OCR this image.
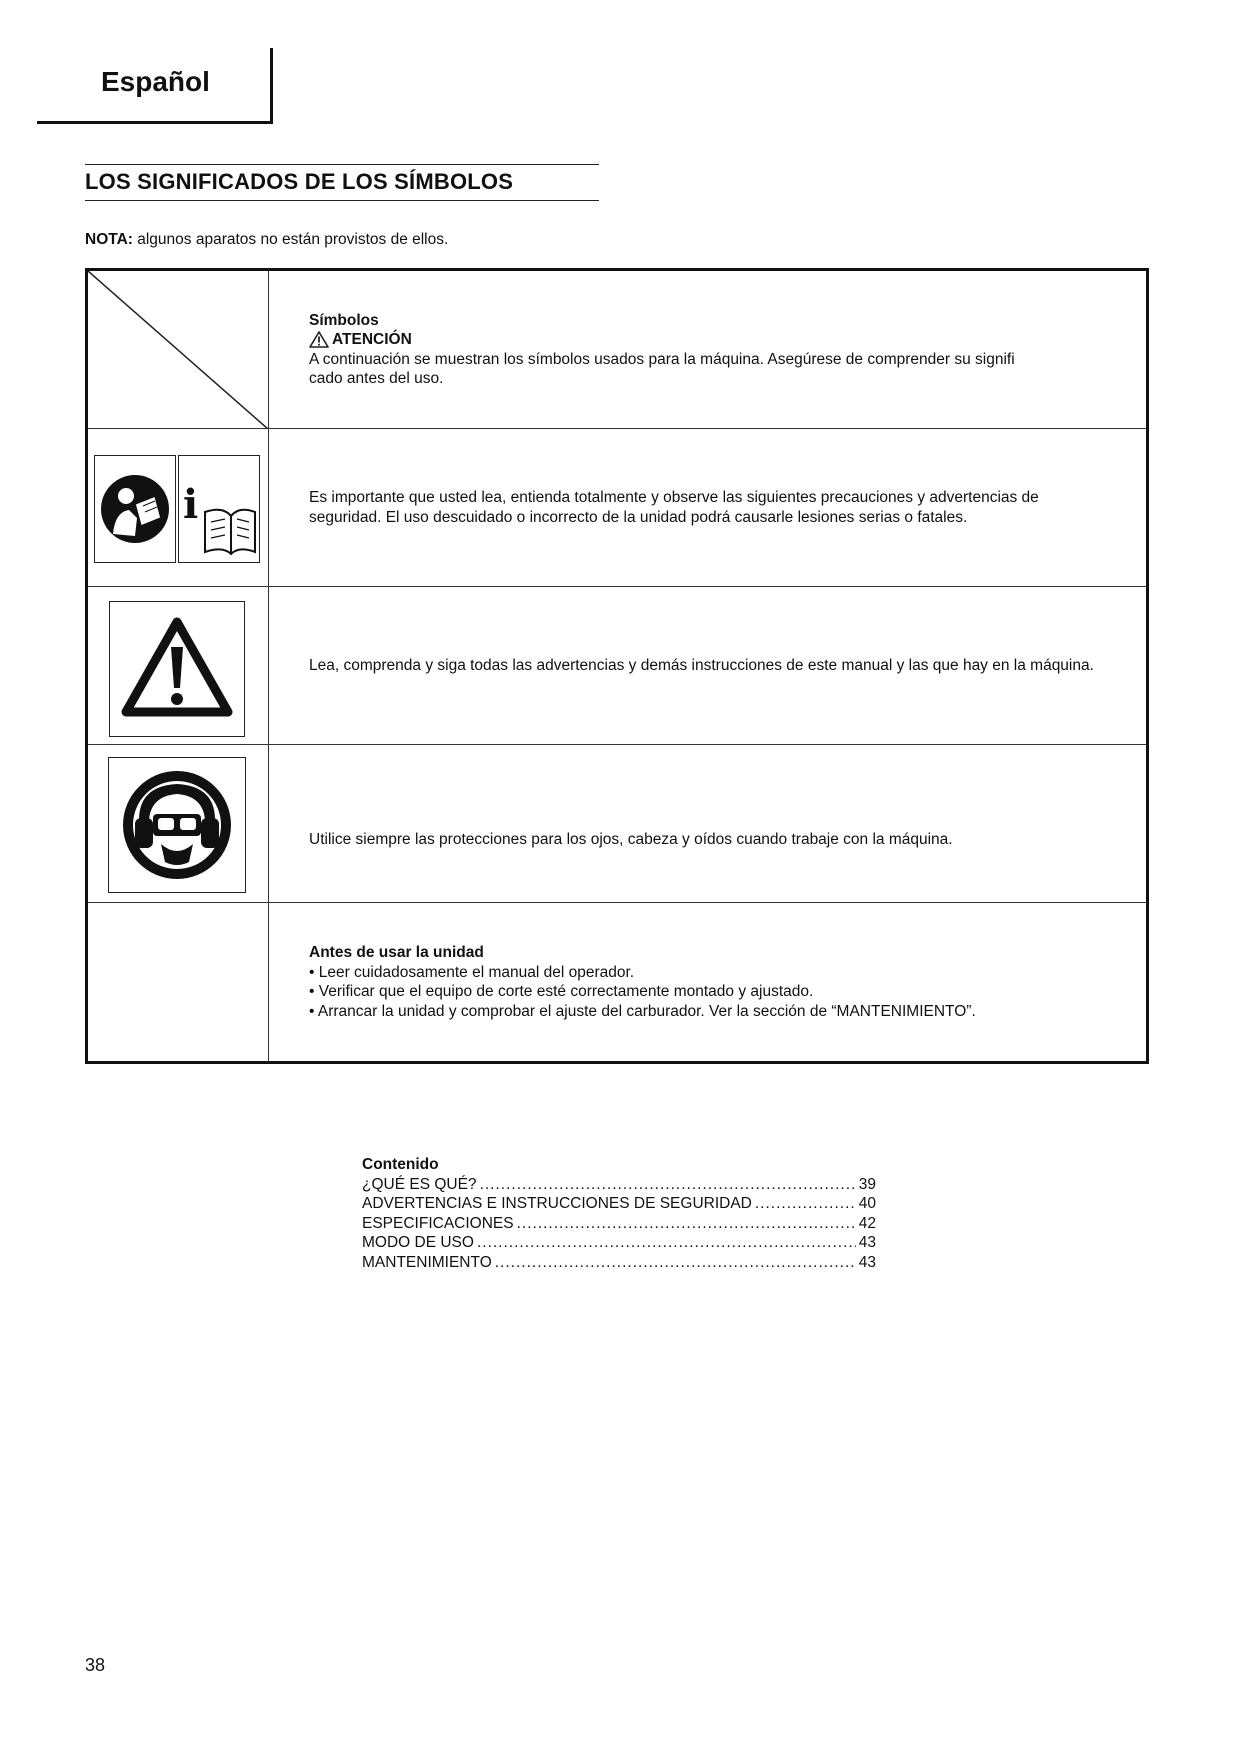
Español
LOS SIGNIFICADOS DE LOS SÍMBOLOS
NOTA: algunos aparatos no están provistos de ellos.
Símbolos
ATENCIÓN
A continuación se muestran los símbolos usados para la máquina. Asegúrese de comprender su signifi cado antes del uso.
i	Es importante que usted lea, entienda totalmente y observe las siguientes precauciones y advertencias de seguridad. El uso descuidado o incorrecto de la unidad podrá causarle lesiones serias o fatales.
Lea, comprenda y siga todas las advertencias y demás instrucciones de este manual y las que hay en la máquina.
Utilice siempre las protecciones para los ojos, cabeza y oídos cuando trabaje con la máquina.
Antes de usar la unidad
• Leer cuidadosamente el manual del operador.
• Verificar que el equipo de corte esté correctamente montado y ajustado.
• Arrancar la unidad y comprobar el ajuste del carburador. Ver la sección de “MANTENIMIENTO”.
Contenido
¿QUÉ ES QUÉ? .....	39
ADVERTENCIAS E INSTRUCCIONES DE SEGURIDAD .....	40
ESPECIFICACIONES .....	42
MODO DE USO .....	43
MANTENIMIENTO .....	43
38
